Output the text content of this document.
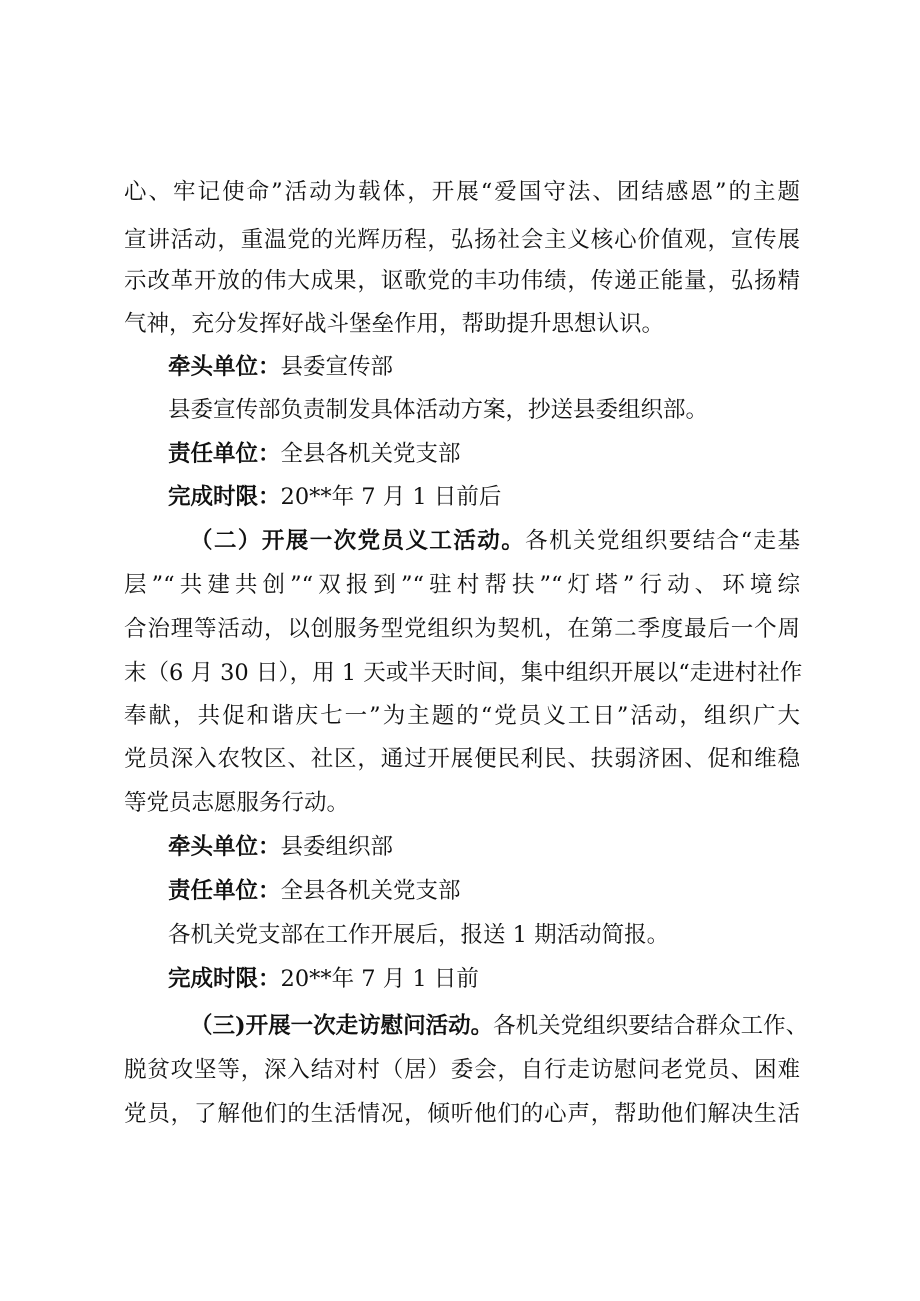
心、牢记使命”活动为载体，开展“爱国守法、团结感恩”的主题
宣讲活动，重温党的光辉历程，弘扬社会主义核心价值观，宣传展
示改革开放的伟大成果，讴歌党的丰功伟绩，传递正能量，弘扬精
气神，充分发挥好战斗堡垒作用，帮助提升思想认识。
牵头单位：县委宣传部
县委宣传部负责制发具体活动方案，抄送县委组织部。
责任单位：全县各机关党支部
完成时限：20**年 7 月 1 日前后
（二）开展一次党员义工活动。各机关党组织要结合“走基
层”“共建共创”“双报到”“驻村帮扶”“灯塔”行动、环境综
合治理等活动，以创服务型党组织为契机，在第二季度最后一个周
末（6 月 30 日），用 1 天或半天时间，集中组织开展以“走进村社作
奉献，共促和谐庆七一”为主题的“党员义工日”活动，组织广大
党员深入农牧区、社区，通过开展便民利民、扶弱济困、促和维稳
等党员志愿服务行动。
牵头单位：县委组织部
责任单位：全县各机关党支部
各机关党支部在工作开展后，报送 1 期活动简报。
完成时限：20**年 7 月 1 日前
（三)开展一次走访慰问活动。各机关党组织要结合群众工作、
脱贫攻坚等，深入结对村（居）委会，自行走访慰问老党员、困难
党员，了解他们的生活情况，倾听他们的心声，帮助他们解决生活
